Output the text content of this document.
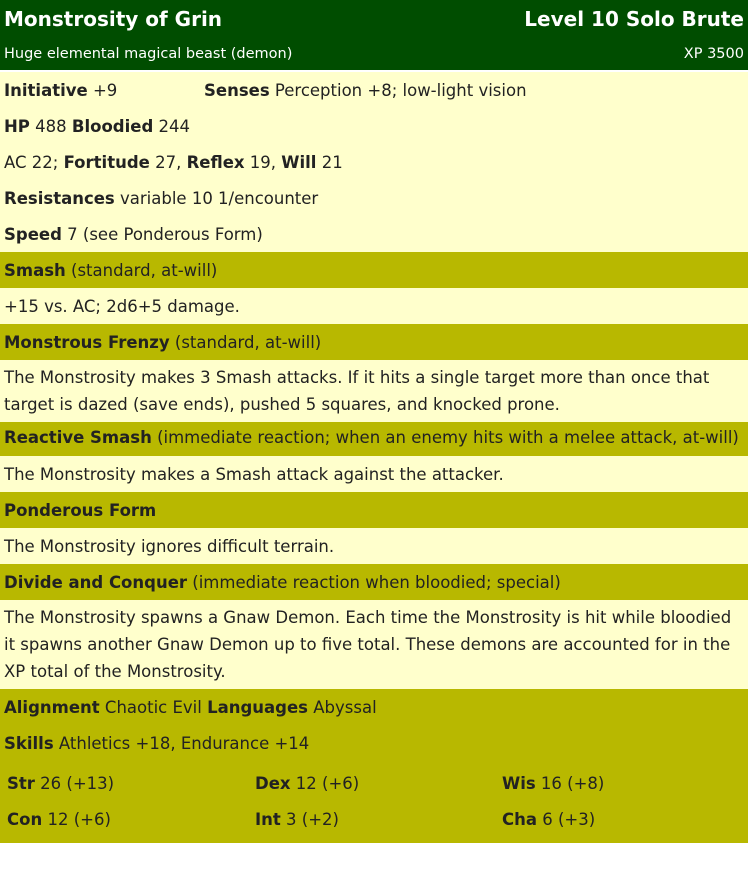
Monstrosity of Grin	Level 10 Solo Brute
Huge elemental magical beast (demon)	XP 3500
Initiative +9	Senses Perception +8; low-light vision
HP 488 Bloodied 244
AC 22; Fortitude 27, Reflex 19, Will 21
Resistances variable 10 1/encounter
Speed 7 (see Ponderous Form)
Smash (standard, at-will)
+15 vs. AC; 2d6+5 damage.
Monstrous Frenzy (standard, at-will)
The Monstrosity makes 3 Smash attacks. If it hits a single target more than once that target is dazed (save ends), pushed 5 squares, and knocked prone.
Reactive Smash (immediate reaction; when an enemy hits with a melee attack, at-will)
The Monstrosity makes a Smash attack against the attacker.
Ponderous Form
The Monstrosity ignores difficult terrain.
Divide and Conquer (immediate reaction when bloodied; special)
The Monstrosity spawns a Gnaw Demon. Each time the Monstrosity is hit while bloodied it spawns another Gnaw Demon up to five total. These demons are accounted for in the XP total of the Monstrosity.
Alignment Chaotic Evil Languages Abyssal
Skills Athletics +18, Endurance +14
Str 26 (+13)	Dex 12 (+6)	Wis 16 (+8)
Con 12 (+6)	Int 3 (+2)	Cha 6 (+3)
